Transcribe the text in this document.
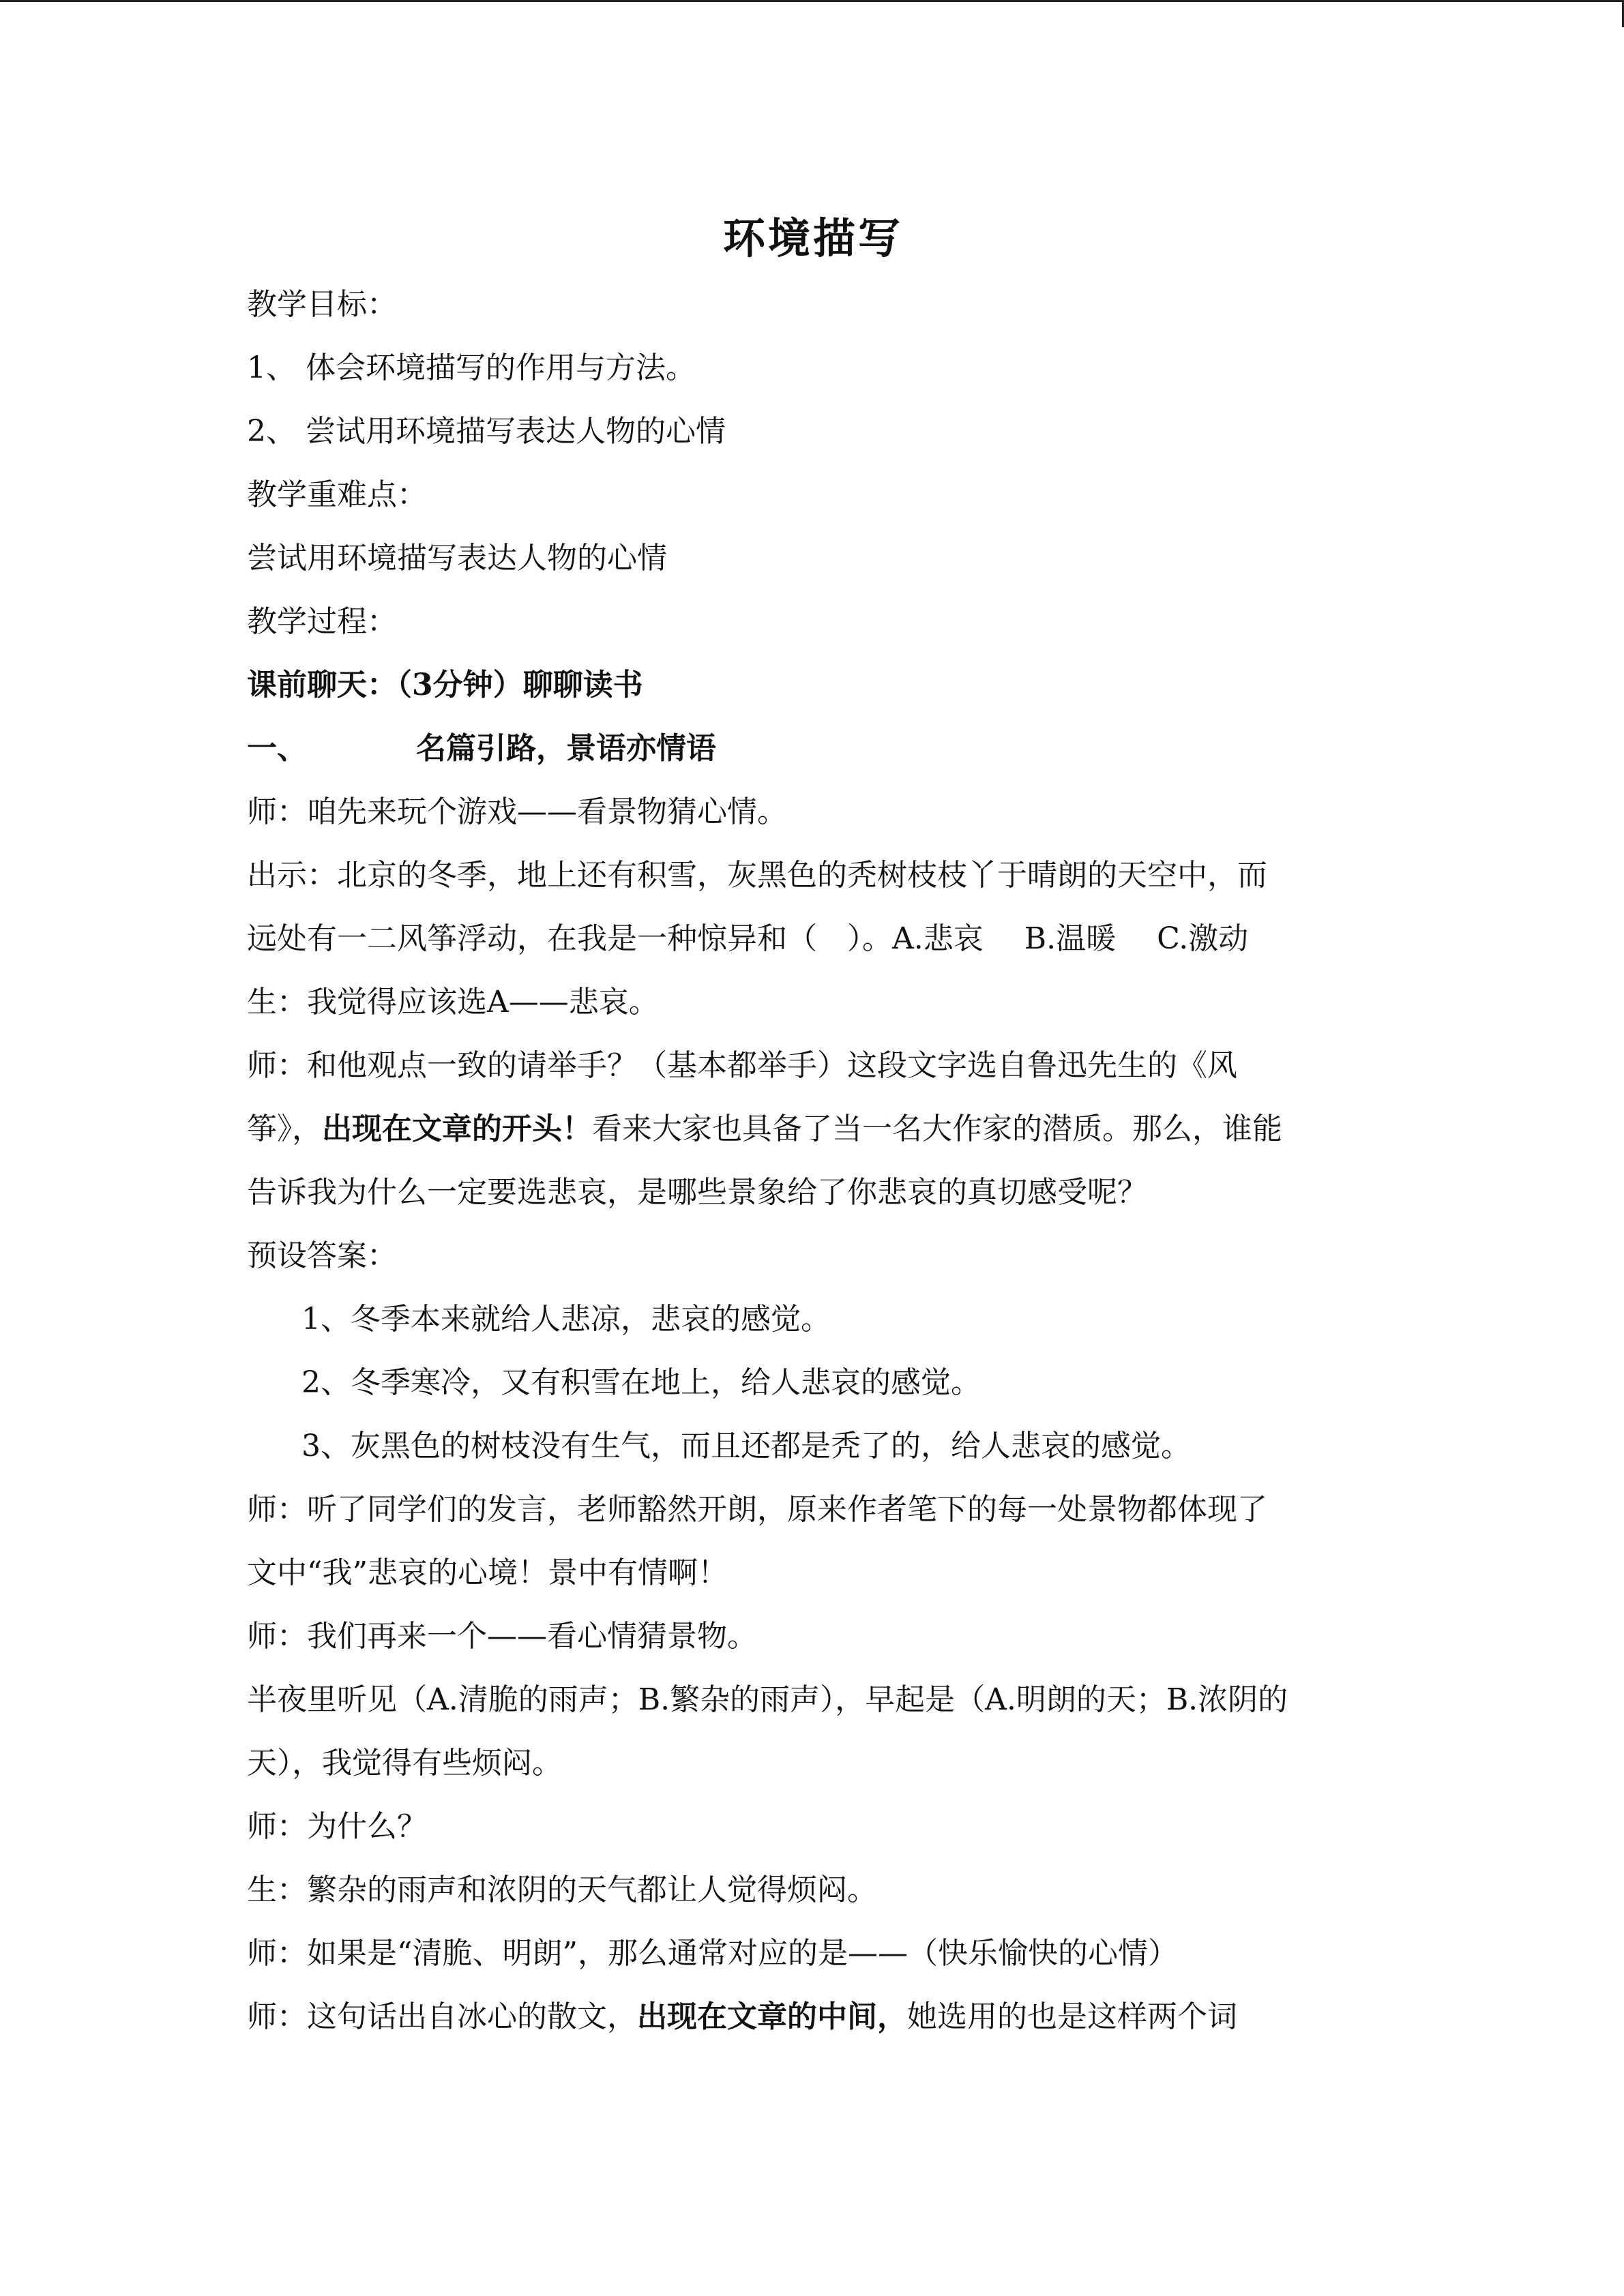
环境描写
教学目标：
1、 体会环境描写的作用与方法。
2、 尝试用环境描写表达人物的心情
教学重难点：
尝试用环境描写表达人物的心情
教学过程：
课前聊天：（3分钟）聊聊读书
一、	名篇引路，景语亦情语
师：咱先来玩个游戏——看景物猜心情。
出示：北京的冬季，地上还有积雪，灰黑色的秃树枝枝丫于晴朗的天空中，而
远处有一二风筝浮动，在我是一种惊异和（　）。A.悲哀 B.温暖 C.激动
生：我觉得应该选A——悲哀。
师：和他观点一致的请举手？（基本都举手）这段文字选自鲁迅先生的《风
筝》，出现在文章的开头！看来大家也具备了当一名大作家的潜质。那么，谁能
告诉我为什么一定要选悲哀，是哪些景象给了你悲哀的真切感受呢？
预设答案：
1、冬季本来就给人悲凉，悲哀的感觉。
2、冬季寒冷，又有积雪在地上，给人悲哀的感觉。
3、灰黑色的树枝没有生气，而且还都是秃了的，给人悲哀的感觉。
师：听了同学们的发言，老师豁然开朗，原来作者笔下的每一处景物都体现了
文中“我”悲哀的心境！景中有情啊！
师：我们再来一个——看心情猜景物。
半夜里听见（A.清脆的雨声；B.繁杂的雨声），早起是（A.明朗的天；B.浓阴的
天），我觉得有些烦闷。
师：为什么？
生：繁杂的雨声和浓阴的天气都让人觉得烦闷。
师：如果是“清脆、明朗”，那么通常对应的是——（快乐愉快的心情）
师：这句话出自冰心的散文，出现在文章的中间，她选用的也是这样两个词
